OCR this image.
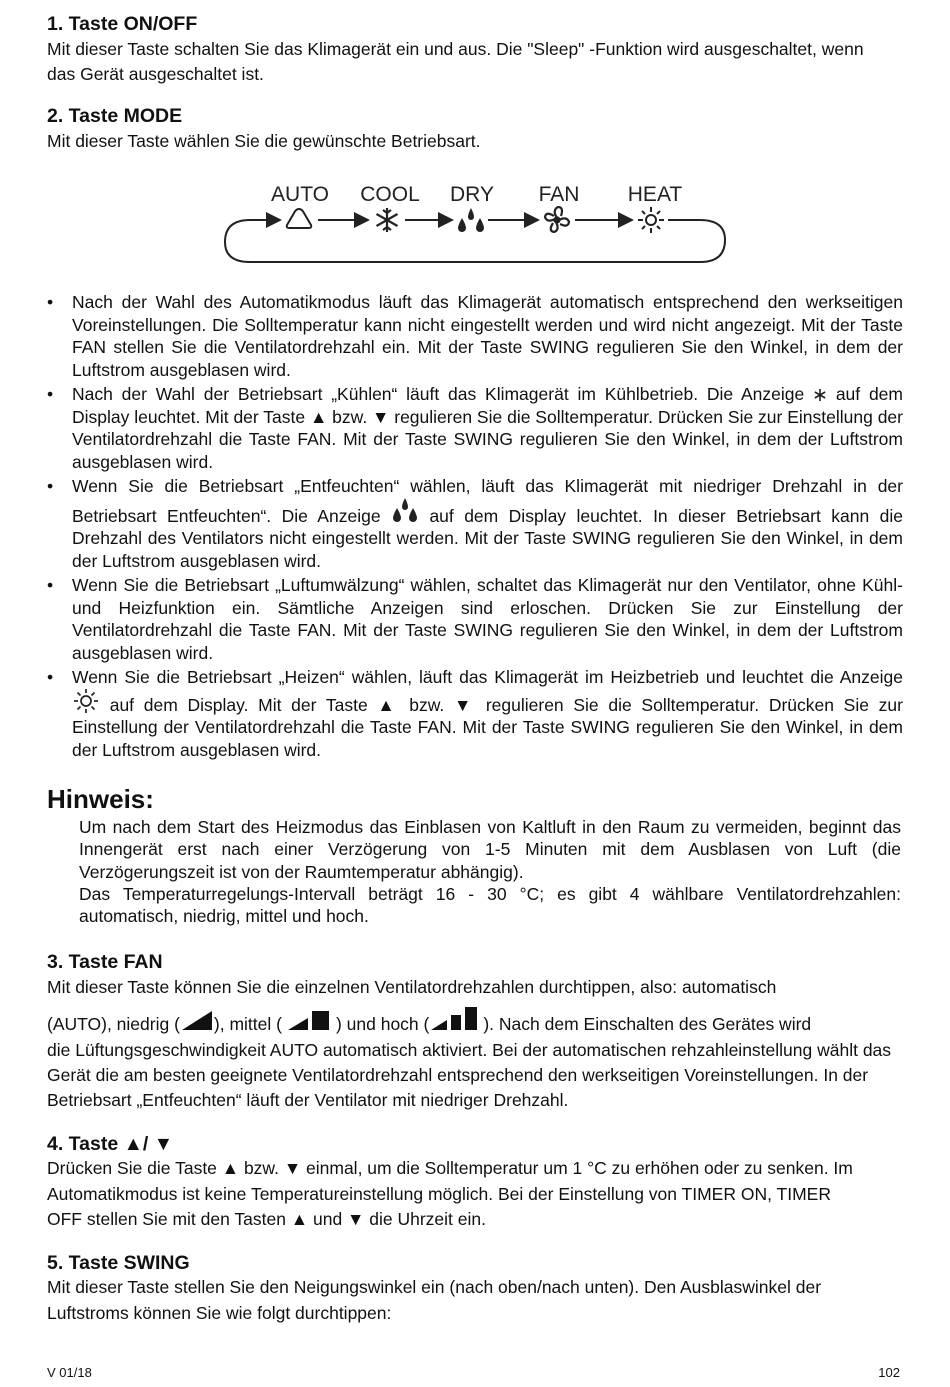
1. Taste ON/OFF

Mit dieser Taste schalten Sie das Klimagerät ein und aus. Die "Sleep" -Funktion wird ausgeschaltet, wenn das Gerät ausgeschaltet ist.

2. Taste MODE

Mit dieser Taste wählen Sie die gewünschte Betriebsart.

AUTO COOL DRY FAN HEAT
• Nach der Wahl des Automatikmodus läuft das Klimagerät automatisch entsprechend den werkseitigen Voreinstellungen. Die Solltemperatur kann nicht eingestellt werden und wird nicht angezeigt. Mit der Taste FAN stellen Sie die Ventilatordrehzahl ein. Mit der Taste SWING regulieren Sie den Winkel, in dem der Luftstrom ausgeblasen wird.
• Nach der Wahl der Betriebsart „Kühlen“ läuft das Klimagerät im Kühlbetrieb. Die Anzeige auf dem Display leuchtet. Mit der Taste ▲ bzw. ▼ regulieren Sie die Solltemperatur. Drücken Sie zur Einstellung der Ventilatordrehzahl die Taste FAN. Mit der Taste SWING regulieren Sie den Winkel, in dem der Luftstrom ausgeblasen wird.
• Wenn Sie die Betriebsart „Entfeuchten“ wählen, läuft das Klimagerät mit niedriger Drehzahl in der Betriebsart Entfeuchten“. Die Anzeige	auf dem Display leuchtet. In dieser Betriebsart kann die Drehzahl des Ventilators nicht eingestellt werden. Mit der Taste SWING regulieren Sie den Winkel, in dem der Luftstrom ausgeblasen wird.
• Wenn Sie die Betriebsart „Luftumwälzung“ wählen, schaltet das Klimagerät nur den Ventilator, ohne Kühl- und Heizfunktion ein. Sämtliche Anzeigen sind erloschen. Drücken Sie zur Einstellung der Ventilatordrehzahl die Taste FAN. Mit der Taste SWING regulieren Sie den Winkel, in dem der Luftstrom ausgeblasen wird.
• Wenn Sie die Betriebsart „Heizen“ wählen, läuft das Klimagerät im Heizbetrieb und leuchtet die Anzeige  auf dem Display. Mit der Taste ▲ bzw. ▼ regulieren Sie die Solltemperatur. Drücken Sie zur Einstellung der Ventilatordrehzahl die Taste FAN. Mit der Taste SWING regulieren Sie den Winkel, in dem der Luftstrom ausgeblasen wird.
Hinweis:
Um nach dem Start des Heizmodus das Einblasen von Kaltluft in den Raum zu vermeiden, beginnt das Innengerät erst nach einer Verzögerung von 1-5 Minuten mit dem Ausblasen von Luft (die Verzögerungszeit ist von der Raumtemperatur abhängig).
Das Temperaturregelungs-Intervall beträgt 16 - 30 °C; es gibt 4 wählbare Ventilatordrehzahlen: automatisch, niedrig, mittel und hoch.
3. Taste FAN
Mit dieser Taste können Sie die einzelnen Ventilatordrehzahlen durchtippen, also: automatisch
(AUTO), niedrig ( ), mittel (	) und hoch (	). Nach dem Einschalten des Gerätes wird
die Lüftungsgeschwindigkeit AUTO automatisch aktiviert. Bei der automatischen rehzahleinstellung wählt das Gerät die am besten geeignete Ventilatordrehzahl entsprechend den werkseitigen Voreinstellungen. In der Betriebsart „Entfeuchten“ läuft der Ventilator mit niedriger Drehzahl.
4. Taste ▲/ ▼

Drücken Sie die Taste ▲ bzw. ▼ einmal, um die Solltemperatur um 1 °C zu erhöhen oder zu senken. Im Automatikmodus ist keine Temperatureinstellung möglich. Bei der Einstellung von TIMER ON, TIMER OFF stellen Sie mit den Tasten ▲ und ▼ die Uhrzeit ein.

5. Taste SWING

Mit dieser Taste stellen Sie den Neigungswinkel ein (nach oben/nach unten). Den Ausblaswinkel der Luftstroms können Sie wie folgt durchtippen:

V 01/18	102
